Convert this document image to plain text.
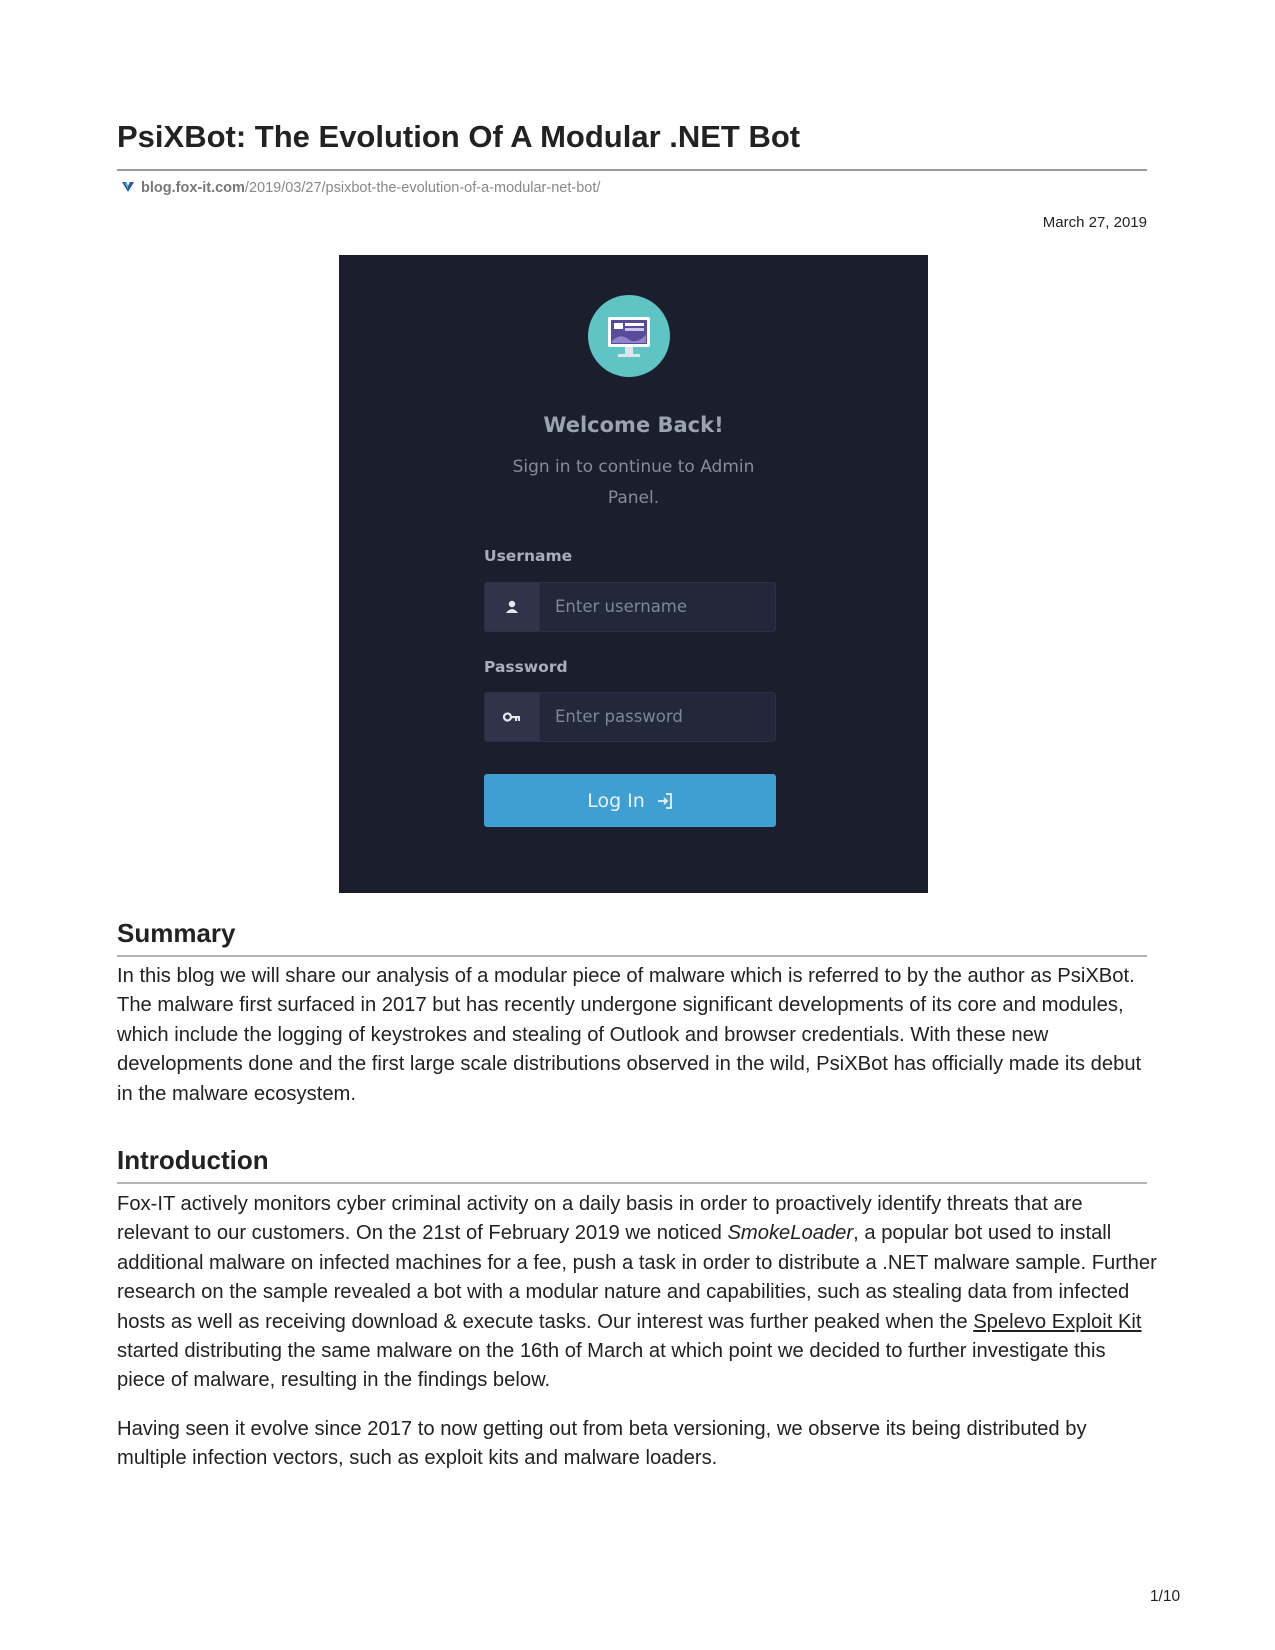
PsiXBot: The Evolution Of A Modular .NET Bot
blog.fox-it.com/2019/03/27/psixbot-the-evolution-of-a-modular-net-bot/
March 27, 2019
Welcome Back!
Sign in to continue to Admin
Panel.
Username
Enter username
Password
Enter password
Log In
Summary

In this blog we will share our analysis of a modular piece of malware which is referred to by the author as PsiXBot. The malware first surfaced in 2017 but has recently undergone significant developments of its core and modules, which include the logging of keystrokes and stealing of Outlook and browser credentials. With these new developments done and the first large scale distributions observed in the wild, PsiXBot has officially made its debut in the malware ecosystem.

Introduction

Fox-IT actively monitors cyber criminal activity on a daily basis in order to proactively identify threats that are relevant to our customers. On the 21st of February 2019 we noticed SmokeLoader, a popular bot used to install additional malware on infected machines for a fee, push a task in order to distribute a .NET malware sample. Further research on the sample revealed a bot with a modular nature and capabilities, such as stealing data from infected hosts as well as receiving download & execute tasks. Our interest was further peaked when the Spelevo Exploit Kit started distributing the same malware on the 16th of March at which point we decided to further investigate this piece of malware, resulting in the findings below.

Having seen it evolve since 2017 to now getting out from beta versioning, we observe its being distributed by multiple infection vectors, such as exploit kits and malware loaders.

1/10
